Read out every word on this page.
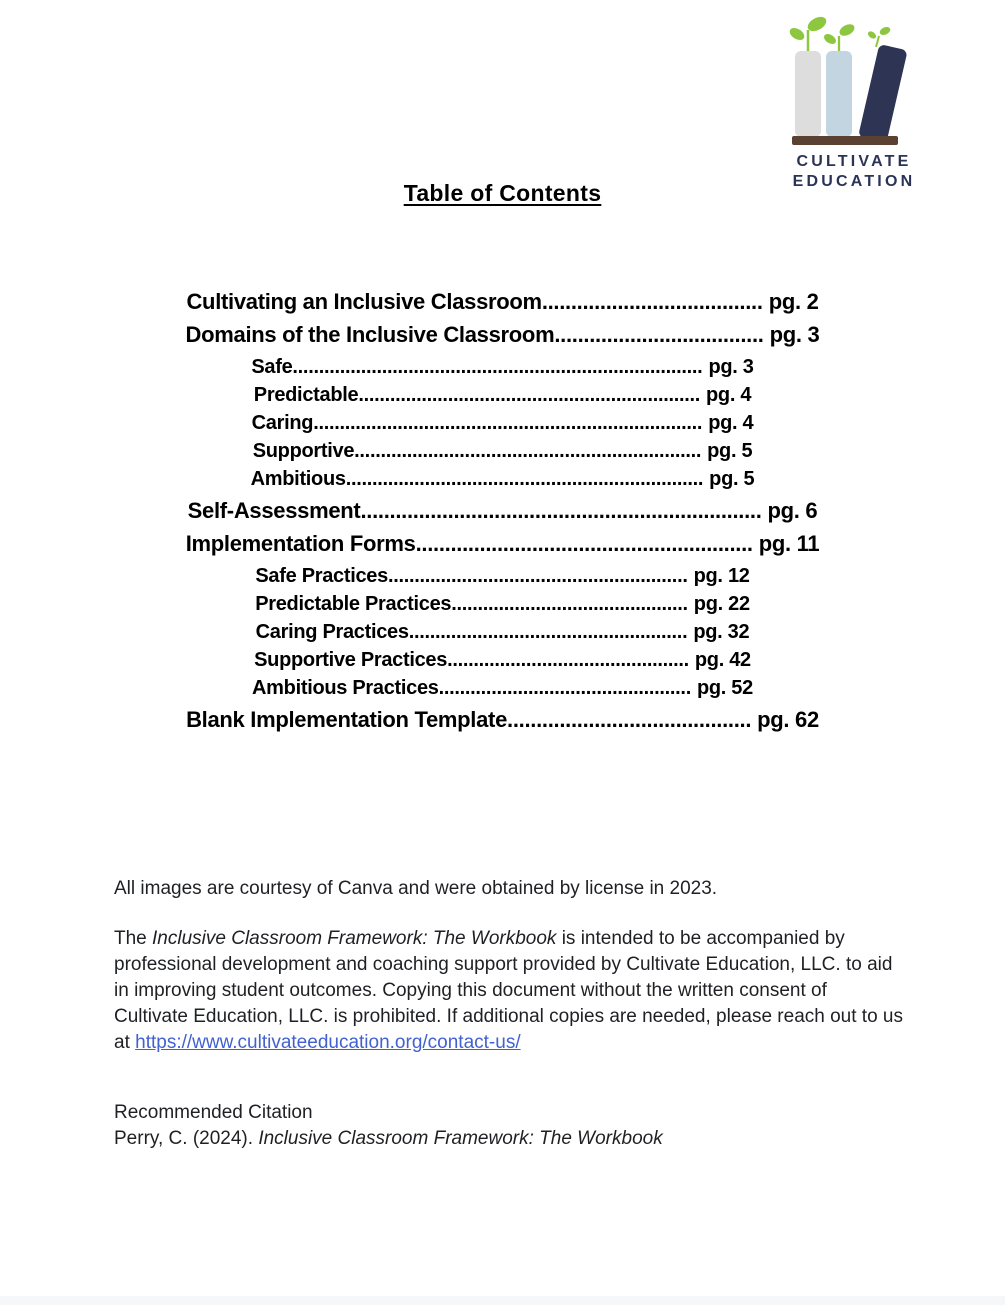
CULTIVATE
EDUCATION
Table of Contents
Cultivating an Inclusive Classroom...................................... pg. 2
Domains of the Inclusive Classroom.................................... pg. 3
Safe.............................................................................. pg. 3
Predictable................................................................. pg. 4
Caring.......................................................................... pg. 4
Supportive.................................................................. pg. 5
Ambitious.................................................................... pg. 5
Self-Assessment..................................................................... pg. 6
Implementation Forms.......................................................... pg. 11
Safe Practices......................................................... pg. 12
Predictable Practices............................................. pg. 22
Caring Practices..................................................... pg. 32
Supportive Practices.............................................. pg. 42
Ambitious Practices................................................ pg. 52
Blank Implementation Template.......................................... pg. 62
All images are courtesy of Canva and were obtained by license in 2023.
The Inclusive Classroom Framework: The Workbook is intended to be accompanied by professional development and coaching support provided by Cultivate Education, LLC. to aid in improving student outcomes. Copying this document without the written consent of Cultivate Education, LLC. is prohibited. If additional copies are needed, please reach out to us at https://www.cultivateeducation.org/contact-us/
Recommended Citation
Perry, C. (2024). Inclusive Classroom Framework: The Workbook
